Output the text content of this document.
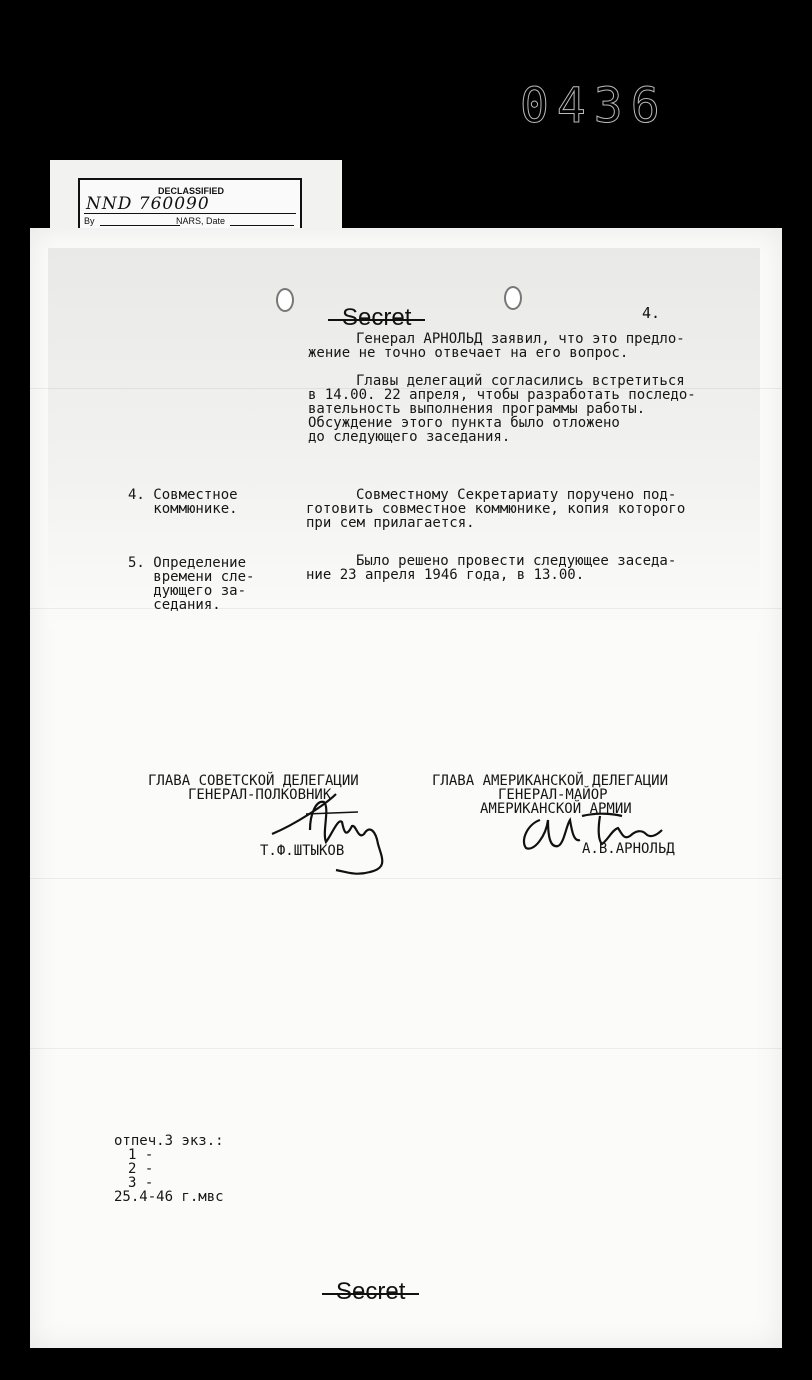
0436
DECLASSIFIED
NND 760090
By	NARS, Date
Secret	4.
Генерал АРНОЛЬД заявил, что это предло-
жение не точно отвечает на его вопрос.
Главы делегаций согласились встретиться
в 14.00. 22 апреля, чтобы разработать последо-
вательность выполнения программы работы.
Обсуждение этого пункта было отложено
до следующего заседания.
4. Совместное
коммюнике.
Совместному Секретариату поручено под-
готовить совместное коммюнике, копия которого
при сем прилагается.
5. Определение
времени сле-
дующего за-
седания.
Было решено провести следующее заседа-
ние 23 апреля 1946 года, в 13.00.
ГЛАВА СОВЕТСКОЙ ДЕЛЕГАЦИИ
ГЕНЕРАЛ-ПОЛКОВНИК
Т.Ф.ШТЫКОВ
ГЛАВА АМЕРИКАНСКОЙ ДЕЛЕГАЦИИ
ГЕНЕРАЛ-МАЙОР
АМЕРИКАНСКОЙ АРМИИ
А.В.АРНОЛЬД
отпеч.3 экз.:
1 -
2 -
3 -
25.4-46 г.мвс
Secret
